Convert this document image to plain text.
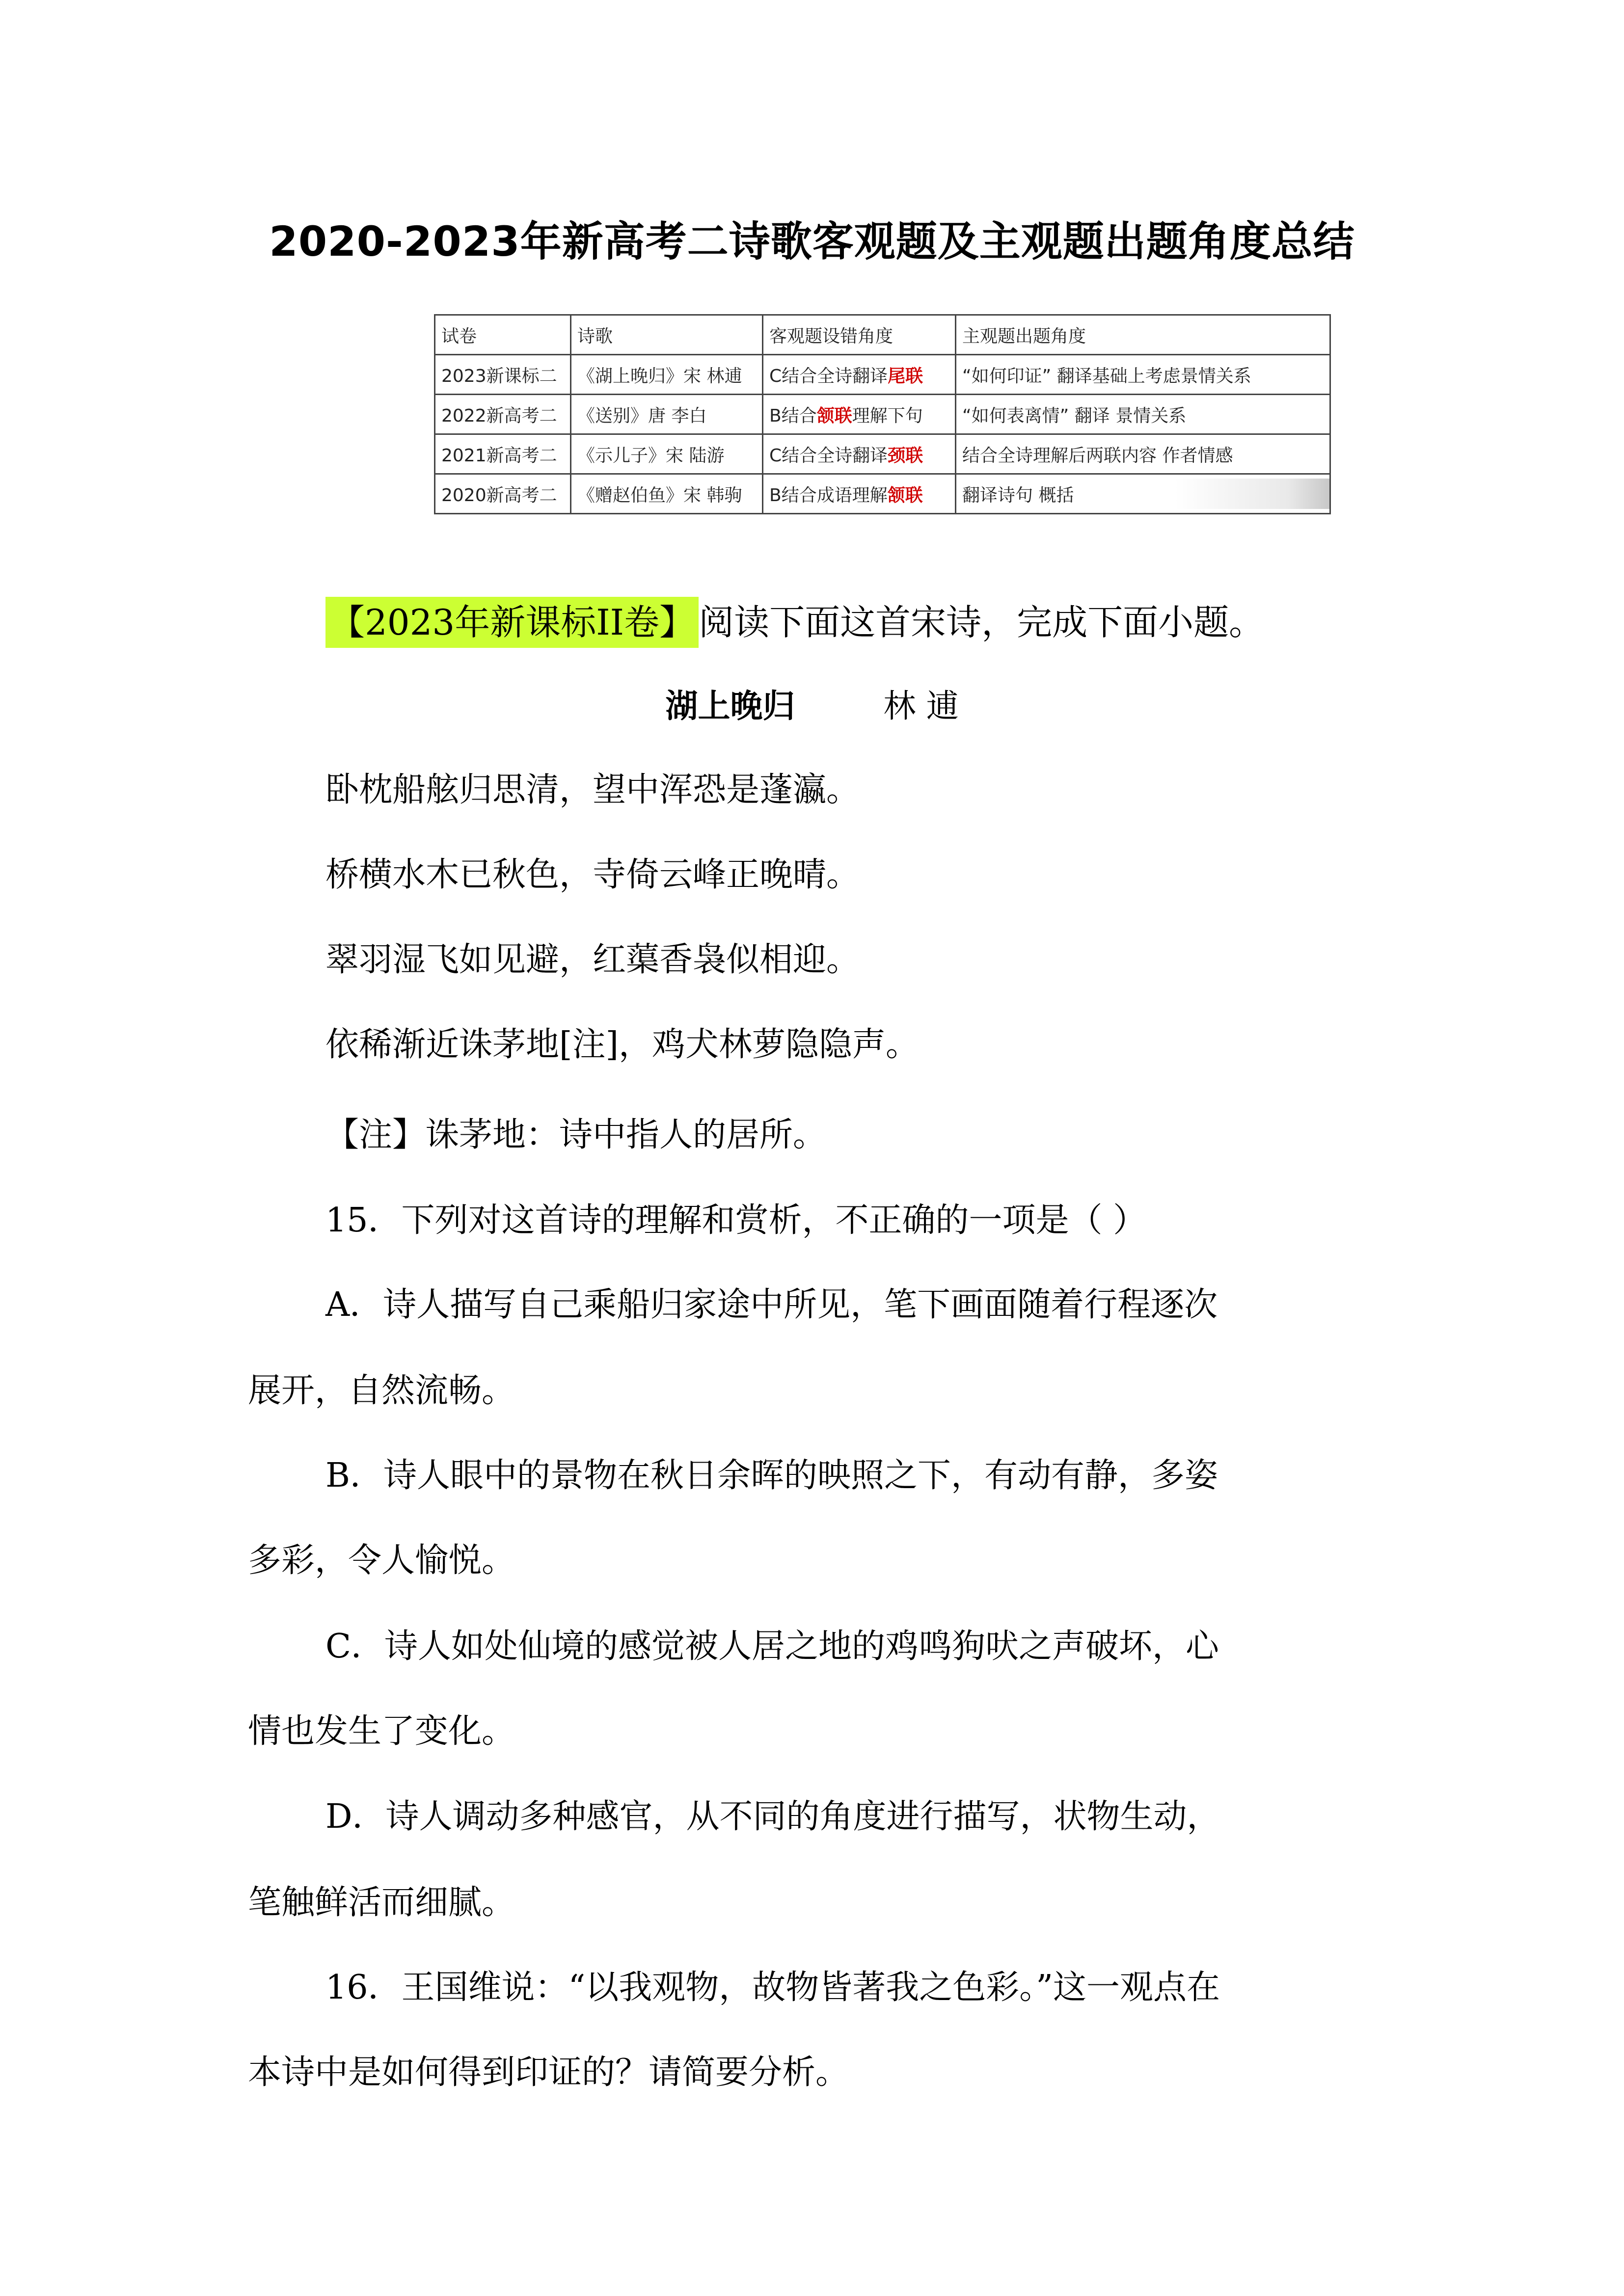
2020-2023年新高考二诗歌客观题及主观题出题角度总结
试卷	诗歌	客观题设错角度	主观题出题角度
2023新课标二	《湖上晚归》宋 林逋	C结合全诗翻译尾联	“如何印证” 翻译基础上考虑景情关系
2022新高考二	《送别》唐 李白	B结合颔联理解下句	“如何表离情” 翻译 景情关系
2021新高考二	《示儿子》宋 陆游	C结合全诗翻译颈联	结合全诗理解后两联内容 作者情感
2020新高考二	《赠赵伯鱼》宋 韩驹	B结合成语理解颔联	翻译诗句 概括
【2023年新课标II卷】 阅读下面这首宋诗，完成下面小题。
湖上晚归	林 逋
卧枕船舷归思清，望中浑恐是蓬瀛。
桥横水木已秋色，寺倚云峰正晚晴。
翠羽湿飞如见避，红蕖香袅似相迎。
依稀渐近诛茅地[注]，鸡犬林萝隐隐声。
【注】诛茅地：诗中指人的居所。
15．下列对这首诗的理解和赏析，不正确的一项是（ ）
A．诗人描写自己乘船归家途中所见，笔下画面随着行程逐次
展开，自然流畅。
B．诗人眼中的景物在秋日余晖的映照之下，有动有静，多姿
多彩，令人愉悦。
C．诗人如处仙境的感觉被人居之地的鸡鸣狗吠之声破坏，心
情也发生了变化。
D．诗人调动多种感官，从不同的角度进行描写，状物生动，
笔触鲜活而细腻。
16．王国维说：“以我观物，故物皆著我之色彩。”这一观点在
本诗中是如何得到印证的？请简要分析。
